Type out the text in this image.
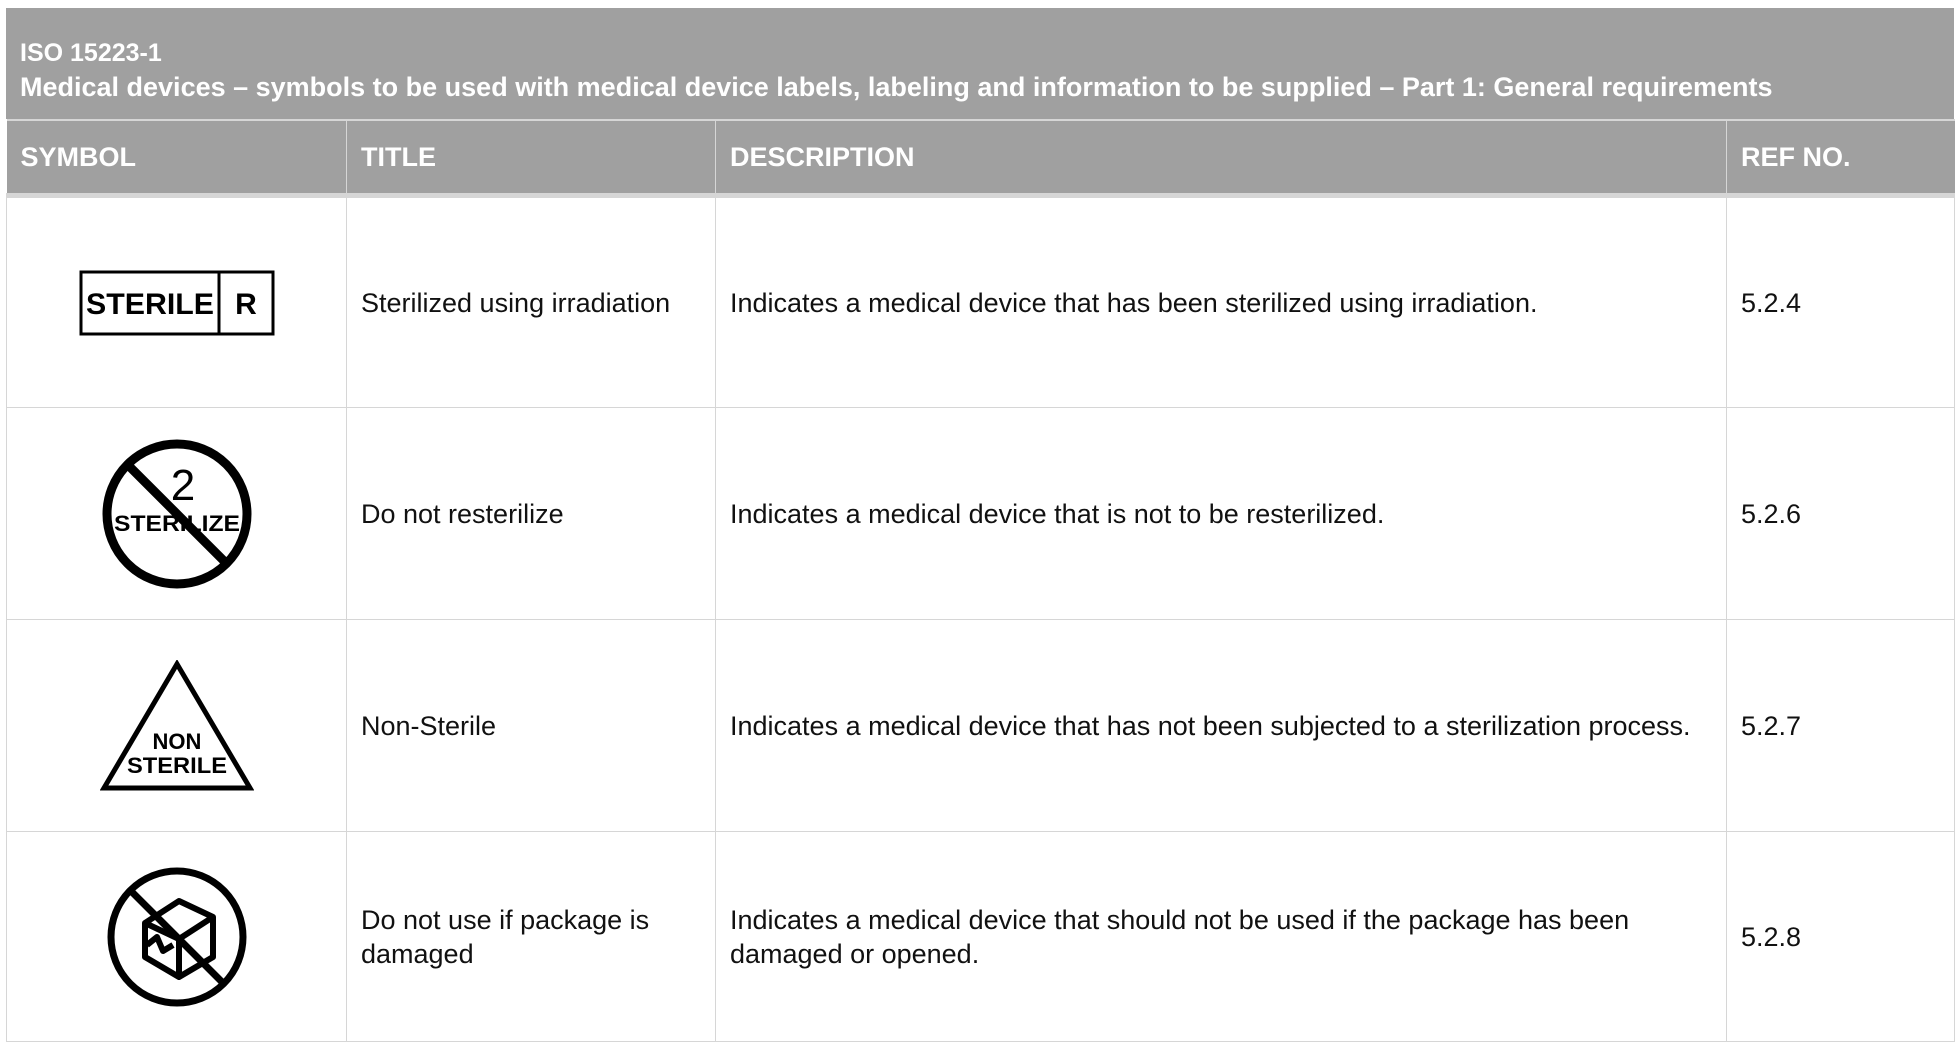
ISO 15223-1
Medical devices – symbols to be used with medical device labels, labeling and information to be supplied – Part 1: General requirements
SYMBOL	TITLE	DESCRIPTION	REF NO.

STERILE R	Sterilized using irradiation	Indicates a medical device that has been sterilized using irradiation.	5.2.4

2
STERILIZE	Do not resterilize	Indicates a medical device that is not to be resterilized.	5.2.6

NON
STERILE	Non-Sterile	Indicates a medical device that has not been subjected to a sterilization process.	5.2.7

	Do not use if package is damaged	Indicates a medical device that should not be used if the package has been damaged or opened.	5.2.8
